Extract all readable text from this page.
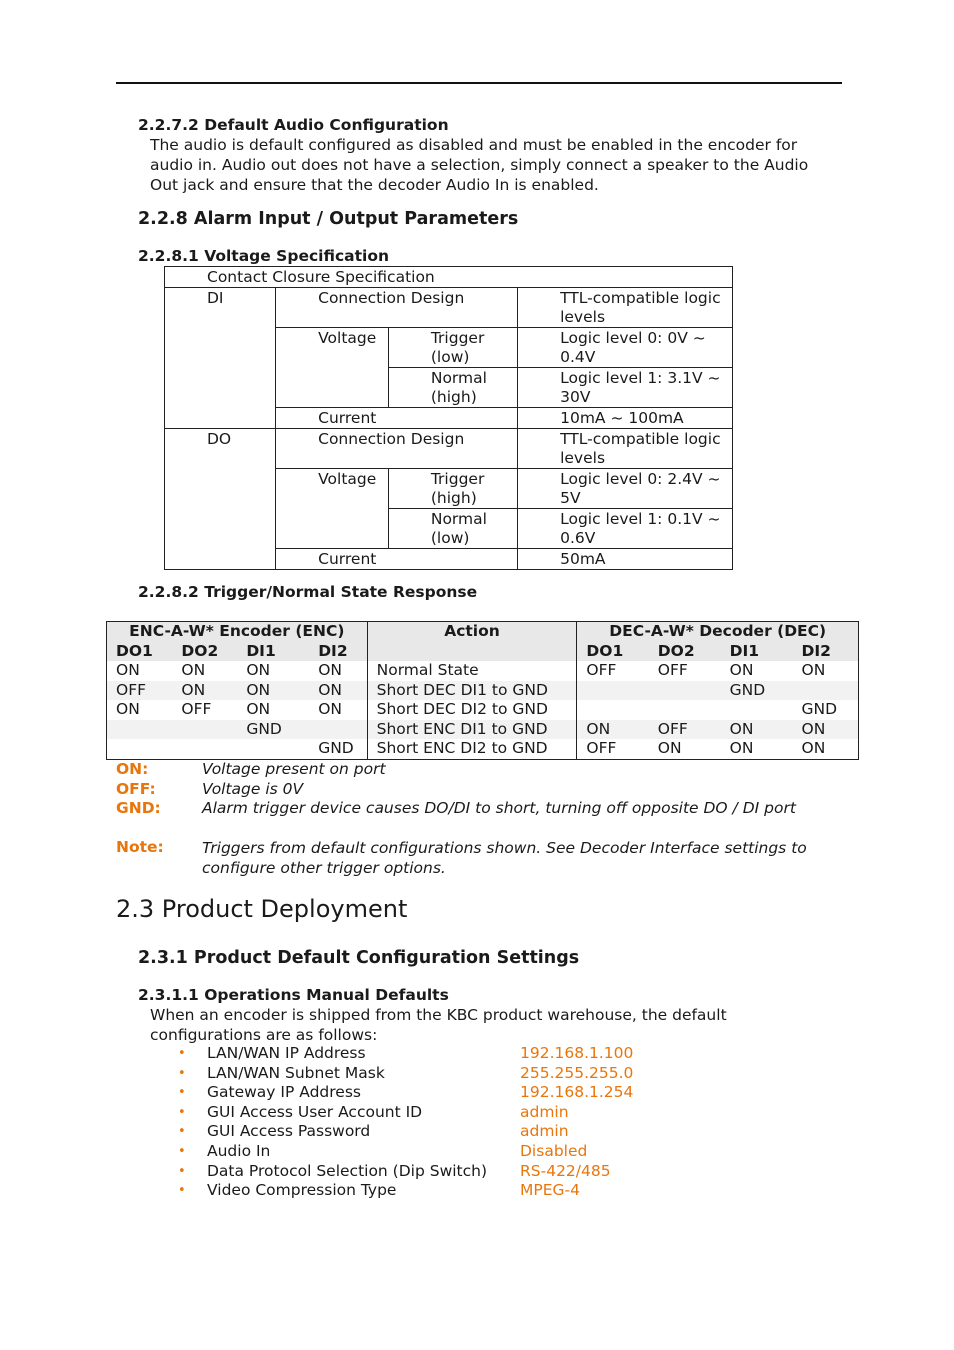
2.2.7.2 Default Audio Configuration
The audio is default configured as disabled and must be enabled in the encoder for
audio in. Audio out does not have a selection, simply connect a speaker to the Audio
Out jack and ensure that the decoder Audio In is enabled.
2.2.8 Alarm Input / Output Parameters
2.2.8.1 Voltage Specification
Contact Closure Specification			
DI	Connection Design		TTL-compatible logic levels
	Voltage	Trigger (low)	Logic level 0: 0V ~ 0.4V
		Normal (high)	Logic level 1: 3.1V ~ 30V
	Current		10mA ~ 100mA
DO	Connection Design		TTL-compatible logic levels
	Voltage	Trigger (high)	Logic level 0: 2.4V ~ 5V
		Normal (low)	Logic level 1: 0.1V ~ 0.6V
	Current		50mA
2.2.8.2 Trigger/Normal State Response
ENC-A-W* Encoder (ENC)				Action	DEC-A-W* Decoder (DEC)			
DO1	DO2	DI1	DI2		DO1	DO2	DI1	DI2
ON	ON	ON	ON	Normal State	OFF	OFF	ON	ON
OFF	ON	ON	ON	Short DEC DI1 to GND			GND	
ON	OFF	ON	ON	Short DEC DI2 to GND				GND
		GND		Short ENC DI1 to GND	ON	OFF	ON	ON
			GND	Short ENC DI2 to GND	OFF	ON	ON	ON
ON:	Voltage present on port
OFF:	Voltage is 0V
GND:	Alarm trigger device causes DO/DI to short, turning off opposite DO / DI port
Note: Triggers from default configurations shown. See Decoder Interface settings to
configure other trigger options.
2.3 Product Deployment
2.3.1 Product Default Configuration Settings
2.3.1.1 Operations Manual Defaults
When an encoder is shipped from the KBC product warehouse, the default
configurations are as follows:
• LAN/WAN IP Address	192.168.1.100
• LAN/WAN Subnet Mask	255.255.255.0
• Gateway IP Address	192.168.1.254
• GUI Access User Account ID	admin
• GUI Access Password	admin
• Audio In	Disabled
• Data Protocol Selection (Dip Switch) RS-422/485
• Video Compression Type	MPEG-4
